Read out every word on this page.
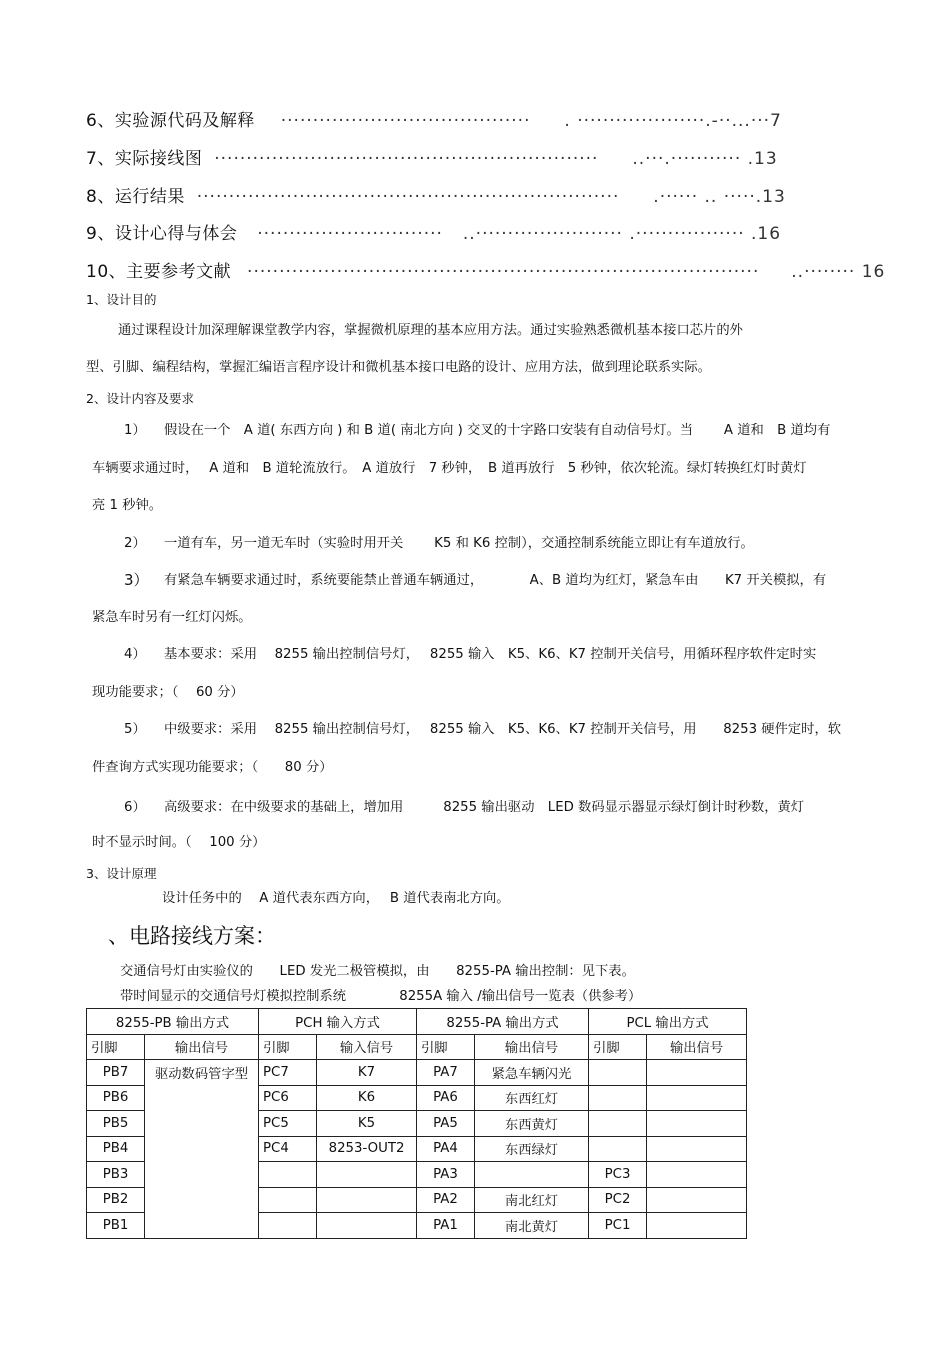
6、实验源代码及解释 ······································· . ····················.-··...···7
7、实际接线图 ···························································· ..···.··········· .13
8、运行结果 ·································································· .······ .. ·····.13
9、设计心得与体会 ····························· ..······················· .················· .16
10、主要参考文献 ················································································ ..········ 16
1、设计目的
通过课程设计加深理解课堂教学内容，掌握微机原理的基本应用方法。通过实验熟悉微机基本接口芯片的外
型、引脚、编程结构，掌握汇编语言程序设计和微机基本接口电路的设计、应用方法，做到理论联系实际。
2、设计内容及要求
1） 假设在一个　A 道( 东西方向 ) 和 B 道( 南北方向 ) 交叉的十字路口安装有自动信号灯。当　　 A 道和　B 道均有
车辆要求通过时，　 A 道和　B 道轮流放行。　A 道放行　7 秒钟，　B 道再放行　5 秒钟，依次轮流。绿灯转换红灯时黄灯
亮 1 秒钟。
2） 一道有车，另一道无车时（实验时用开关　　 K5 和 K6 控制），交通控制系统能立即让有车道放行。
3） 有紧急车辆要求通过时，系统要能禁止普通车辆通过，　　　　A、B 道均为红灯，紧急车由　　K7 开关模拟，有
紧急车时另有一红灯闪烁。
4） 基本要求：采用　 8255 输出控制信号灯，　 8255 输入　K5、K6、K7 控制开关信号，用循环程序软件定时实
现功能要求；（　 60 分）
5） 中级要求：采用　 8255 输出控制信号灯，　 8255 输入　K5、K6、K7 控制开关信号，用　　8253 硬件定时，软
件查询方式实现功能要求；（　　80 分）
6） 高级要求：在中级要求的基础上，增加用　　　8255 输出驱动　LED 数码显示器显示绿灯倒计时秒数，黄灯
时不显示时间。（　 100 分）
3、设计原理
设计任务中的　 A 道代表东西方向，　 B 道代表南北方向。
、电路接线方案：
交通信号灯由实验仪的　　LED 发光二极管模拟，由　　8255-PA 输出控制：见下表。
带时间显示的交通信号灯模拟控制系统　　　　8255A 输入 /输出信号一览表（供参考）
8255-PB 输出方式		PCH 输入方式		8255-PA 输出方式		PCL 输出方式	
引脚	输出信号	引脚	输入信号	引脚	输出信号	引脚	输出信号
PB7	驱动数码管字型	PC7	K7	PA7	紧急车辆闪光		
PB6		PC6	K6	PA6	东西红灯		
PB5		PC5	K5	PA5	东西黄灯		
PB4		PC4	8253-OUT2	PA4	东西绿灯		
PB3				PA3		PC3	
PB2				PA2	南北红灯	PC2	
PB1				PA1	南北黄灯	PC1	
